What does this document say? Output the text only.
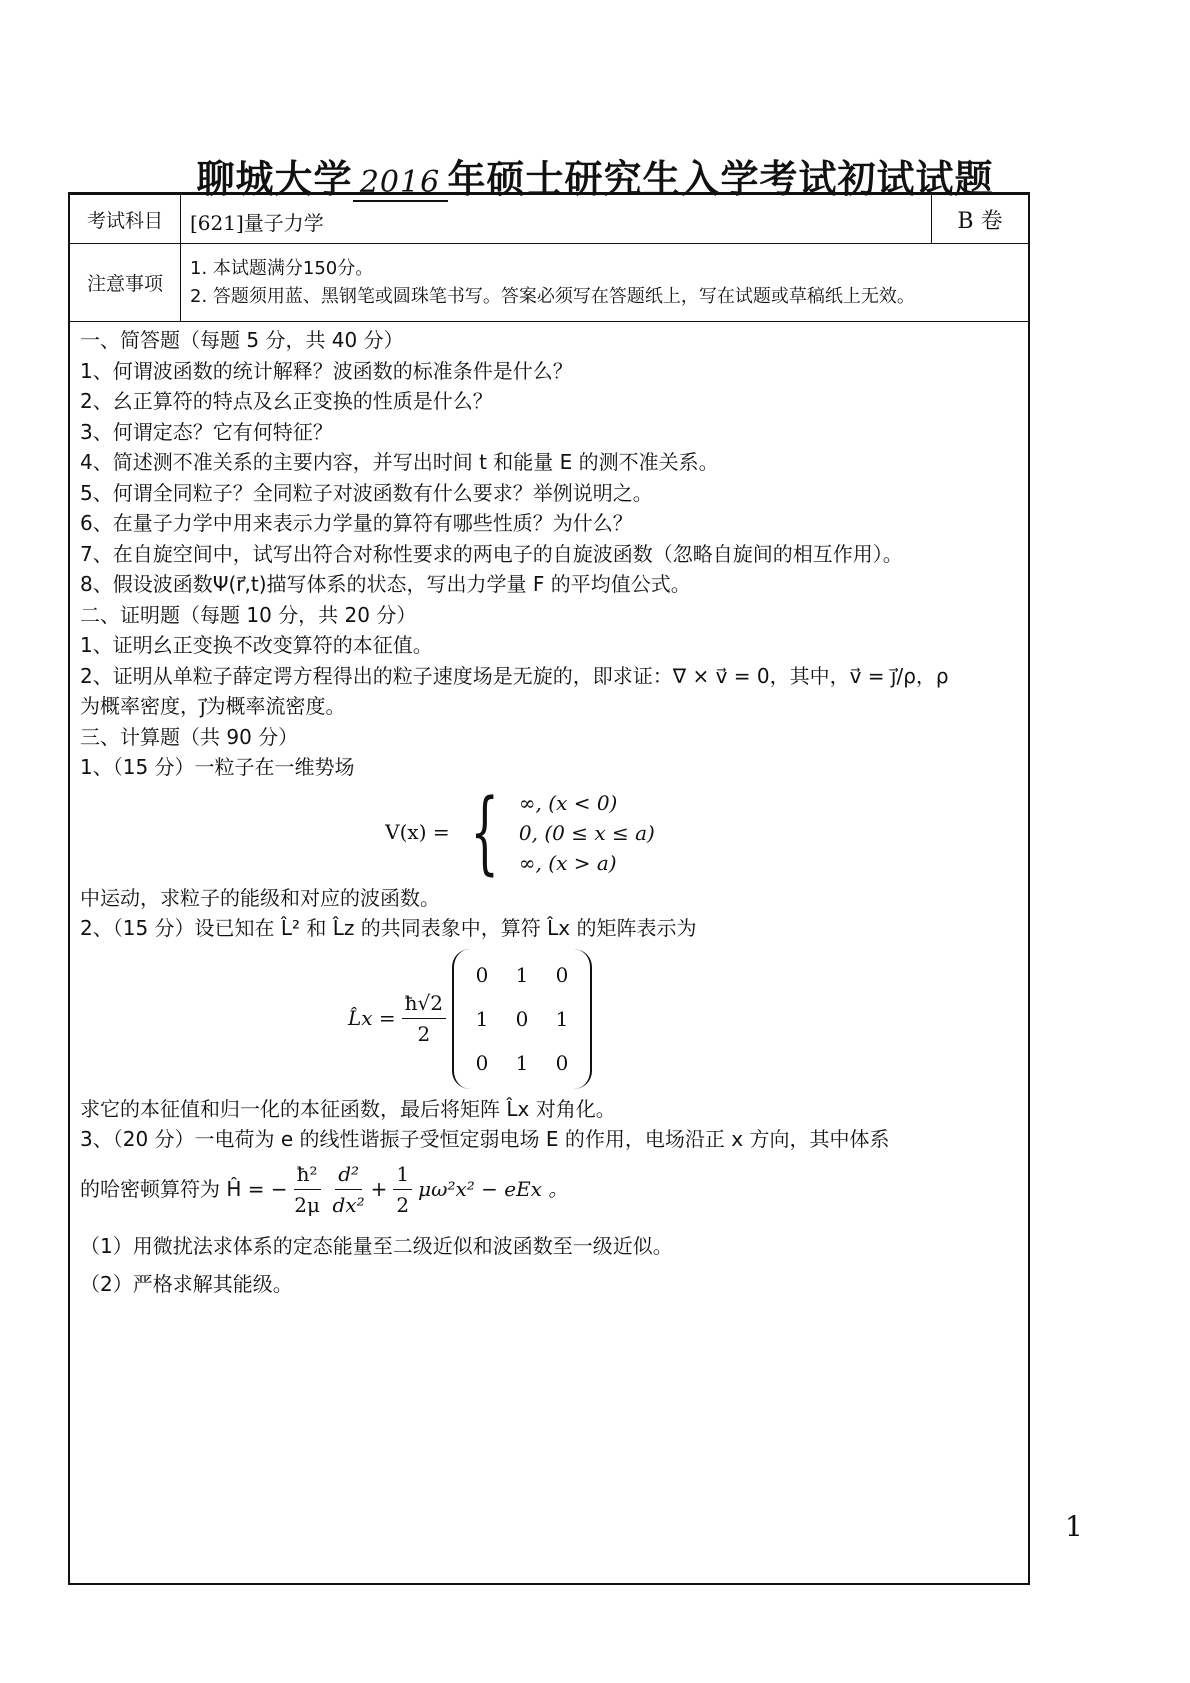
聊城大学 2016 年硕士研究生入学考试初试试题
考试科目	[621]量子力学	B 卷
注意事项
1. 本试题满分150分。
2. 答题须用蓝、黑钢笔或圆珠笔书写。答案必须写在答题纸上，写在试题或草稿纸上无效。
一、简答题（每题 5 分，共 40 分）
1、何谓波函数的统计解释？波函数的标准条件是什么？
2、幺正算符的特点及幺正变换的性质是什么？
3、何谓定态？它有何特征？
4、简述测不准关系的主要内容，并写出时间 t 和能量 E 的测不准关系。
5、何谓全同粒子？全同粒子对波函数有什么要求？举例说明之。
6、在量子力学中用来表示力学量的算符有哪些性质？为什么？
7、在自旋空间中，试写出符合对称性要求的两电子的自旋波函数（忽略自旋间的相互作用）。
8、假设波函数Ψ(r⃗,t)描写体系的状态，写出力学量 F 的平均值公式。
二、证明题（每题 10 分，共 20 分）
1、证明幺正变换不改变算符的本征值。
2、证明从单粒子薛定谔方程得出的粒子速度场是无旋的，即求证：∇ × v⃗ = 0，其中，v⃗ = j⃗/ρ，ρ
为概率密度，j⃗为概率流密度。
三、计算题（共 90 分）
1、（15 分）一粒子在一维势场
V(x) = { ∞, (x < 0)
0, (0 ≤ x ≤ a)
∞, (x > a)
中运动，求粒子的能级和对应的波函数。
2、（15 分）设已知在 L̂² 和 L̂z 的共同表象中，算符 L̂x 的矩阵表示为
L̂x = $\frac{ħ√2}{2}$
0	1	0
1	0	1
0	1	0
求它的本征值和归一化的本征函数，最后将矩阵 L̂x 对角化。
3、（20 分）一电荷为 e 的线性谐振子受恒定弱电场 E 的作用，电场沿正 x 方向，其中体系
的哈密顿算符为 Ĥ = − $\frac{\text{ħ²}}{2\mu} \frac{\text{d²}}{\text{dx²}} + \frac{1}{2} \mu\omega^2x^2$ − eEx 。
（1）用微扰法求体系的定态能量至二级近似和波函数至一级近似。
（2）严格求解其能级。
1
